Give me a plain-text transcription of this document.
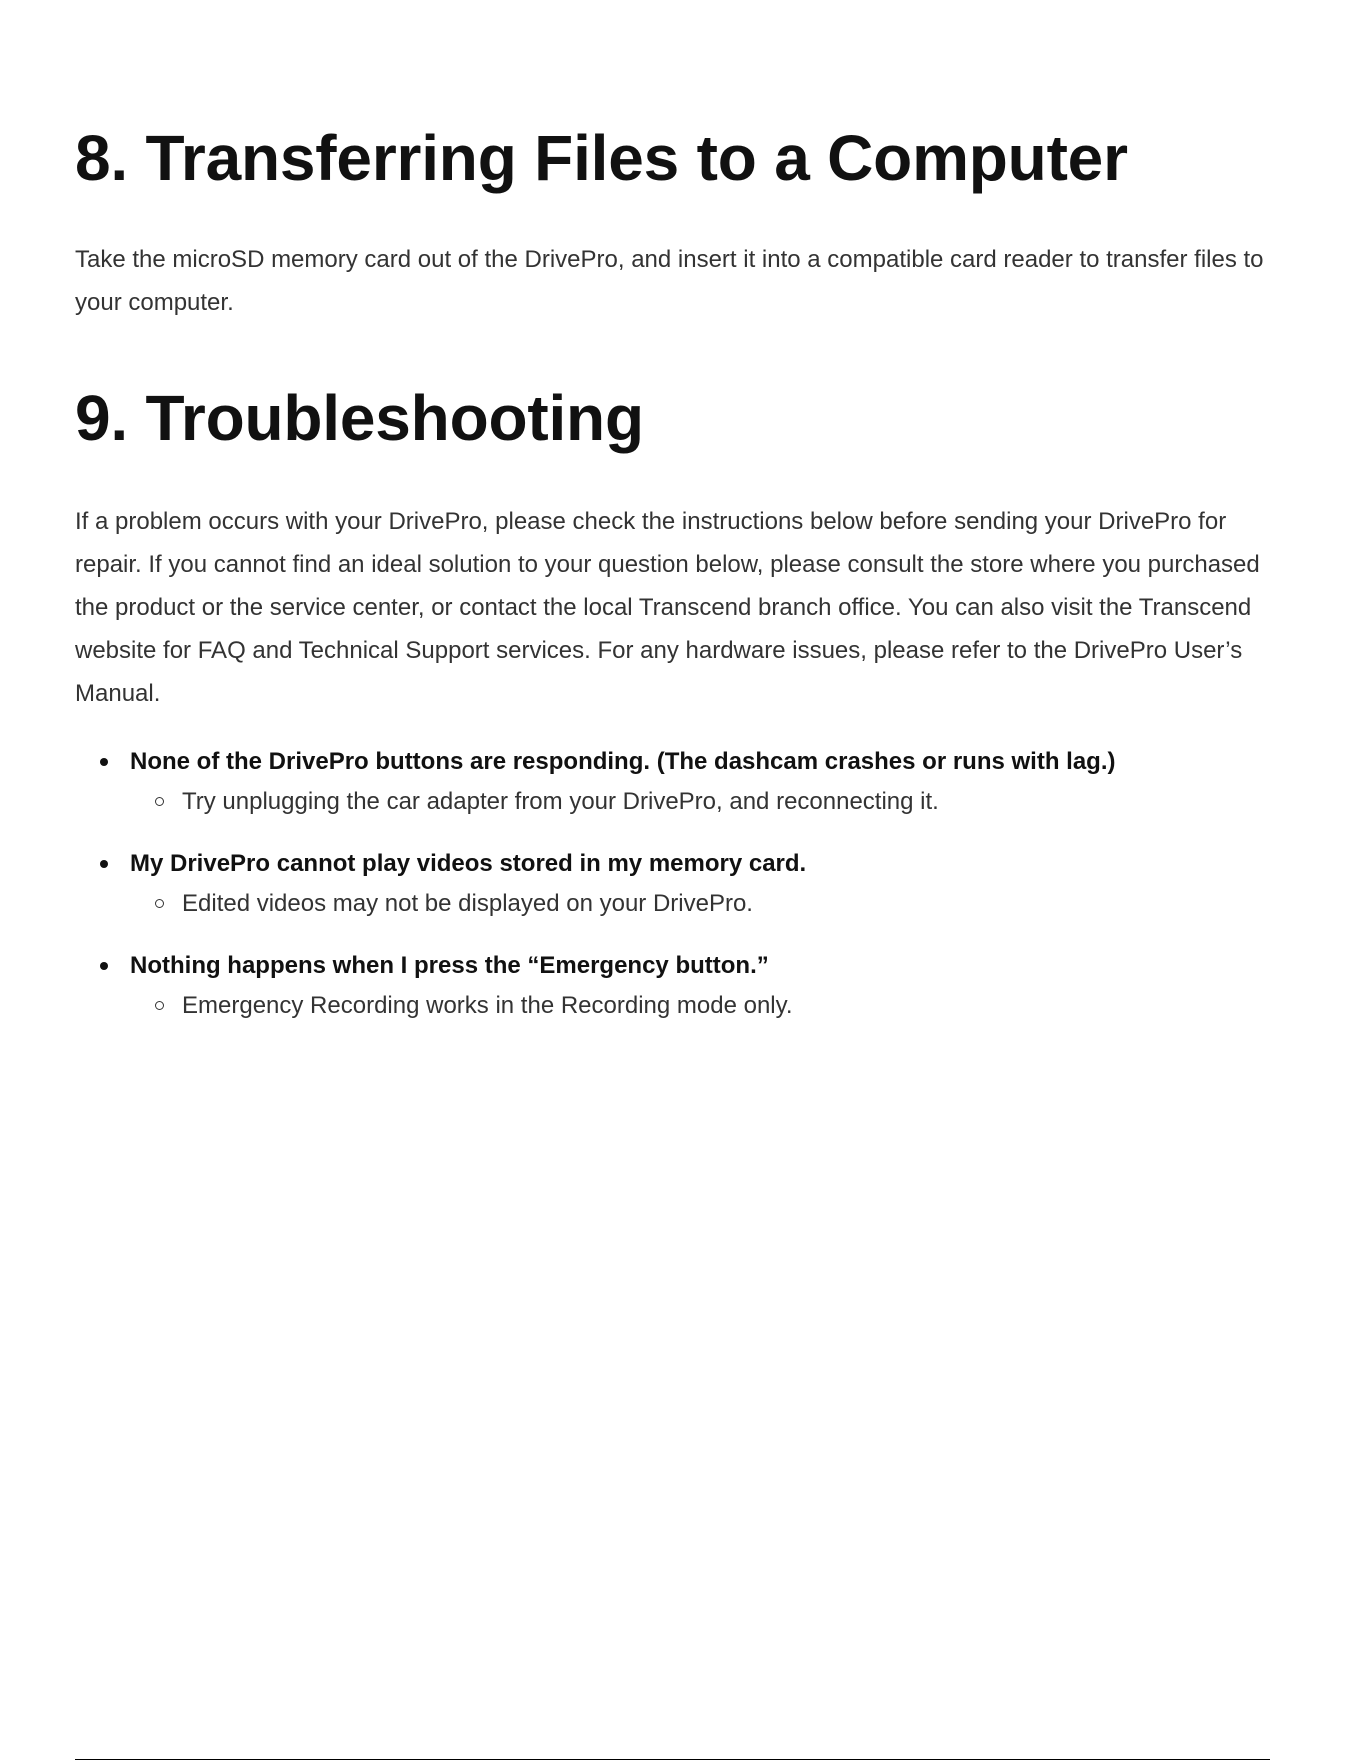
8. Transferring Files to a Computer

Take the microSD memory card out of the DrivePro, and insert it into a compatible card reader to transfer files to your computer.

9. Troubleshooting

If a problem occurs with your DrivePro, please check the instructions below before sending your DrivePro for repair. If you cannot find an ideal solution to your question below, please consult the store where you purchased the product or the service center, or contact the local Transcend branch office. You can also visit the Transcend website for FAQ and Technical Support services. For any hardware issues, please refer to the DrivePro User’s Manual.

None of the DrivePro buttons are responding. (The dashcam crashes or runs with lag.)
Try unplugging the car adapter from your DrivePro, and reconnecting it.
My DrivePro cannot play videos stored in my memory card.
Edited videos may not be displayed on your DrivePro.
Nothing happens when I press the “Emergency button.”
Emergency Recording works in the Recording mode only.
